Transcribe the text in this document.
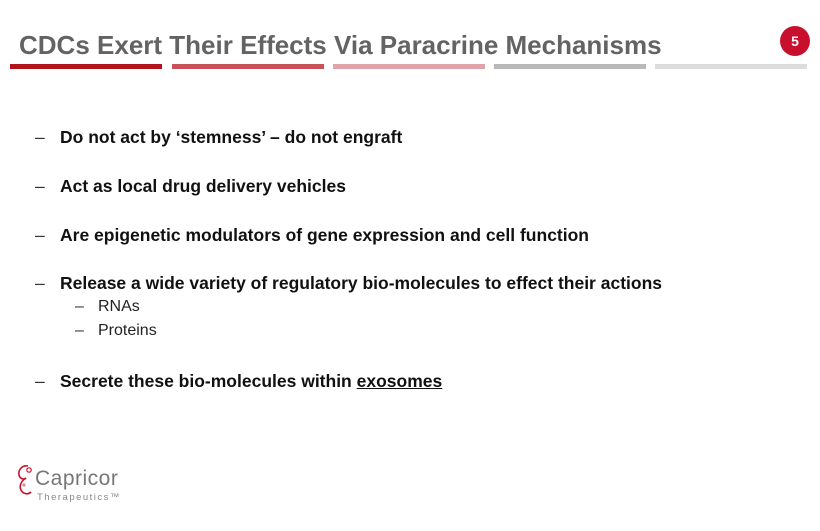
CDCs Exert Their Effects Via Paracrine Mechanisms	5
– Do not act by ‘stemness’ – do not engraft
– Act as local drug delivery vehicles
– Are epigenetic modulators of gene expression and cell function
– Release a wide variety of regulatory bio-molecules to effect their actions
– RNAs
– Proteins
– Secrete these bio-molecules within exosomes
Capricor
Therapeutics™
